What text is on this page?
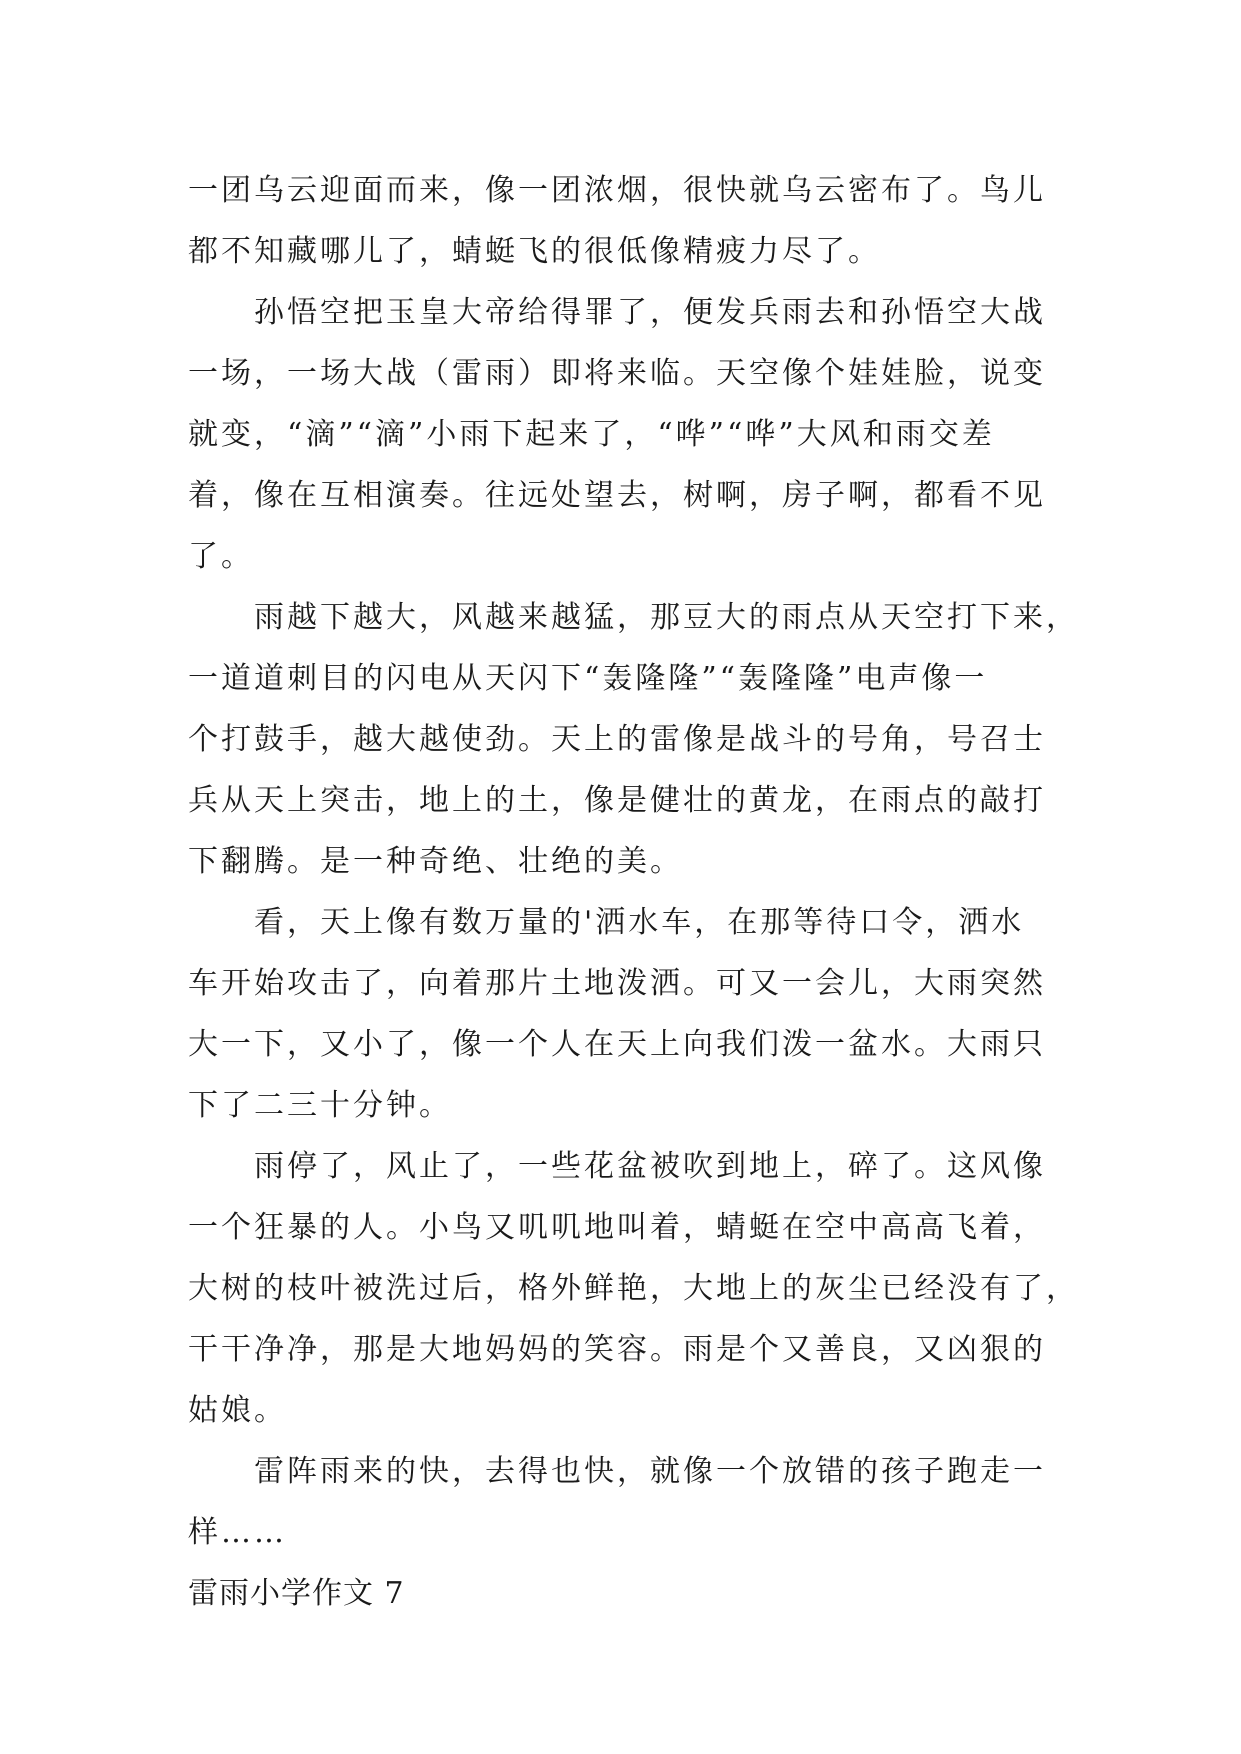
一团乌云迎面而来，像一团浓烟，很快就乌云密布了。鸟儿
都不知藏哪儿了，蜻蜓飞的很低像精疲力尽了。
孙悟空把玉皇大帝给得罪了，便发兵雨去和孙悟空大战
一场，一场大战（雷雨）即将来临。天空像个娃娃脸，说变
就变，“滴”“滴”小雨下起来了，“哗”“哗”大风和雨交差
着，像在互相演奏。往远处望去，树啊，房子啊，都看不见
了。
雨越下越大，风越来越猛，那豆大的雨点从天空打下来，
一道道刺目的闪电从天闪下“轰隆隆”“轰隆隆”电声像一
个打鼓手，越大越使劲。天上的雷像是战斗的号角，号召士
兵从天上突击，地上的土，像是健壮的黄龙，在雨点的敲打
下翻腾。是一种奇绝、壮绝的美。
看，天上像有数万量的'洒水车，在那等待口令，洒水
车开始攻击了，向着那片土地泼洒。可又一会儿，大雨突然
大一下，又小了，像一个人在天上向我们泼一盆水。大雨只
下了二三十分钟。
雨停了，风止了，一些花盆被吹到地上，碎了。这风像
一个狂暴的人。小鸟又叽叽地叫着，蜻蜓在空中高高飞着，
大树的枝叶被洗过后，格外鲜艳，大地上的灰尘已经没有了，
干干净净，那是大地妈妈的笑容。雨是个又善良，又凶狠的
姑娘。
雷阵雨来的快，去得也快，就像一个放错的孩子跑走一
样……
雷雨小学作文 7
